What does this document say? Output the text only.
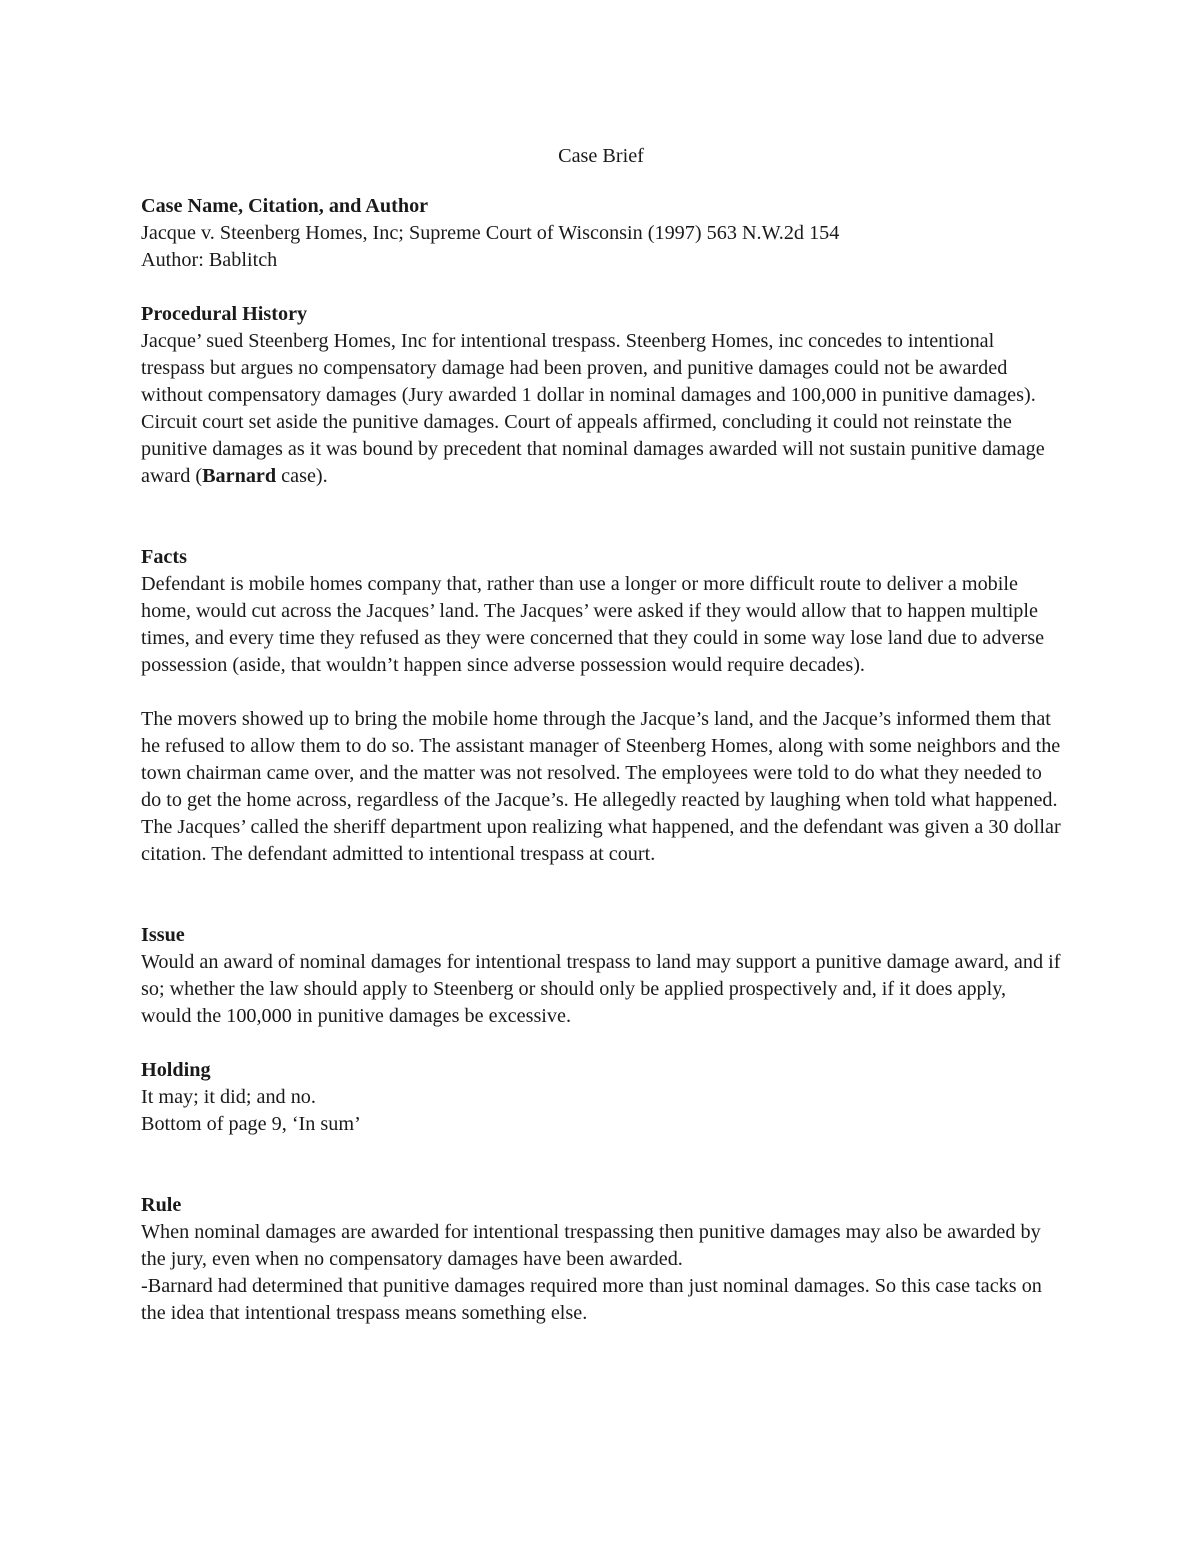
Case Brief

Case Name, Citation, and Author

Jacque v. Steenberg Homes, Inc; Supreme Court of Wisconsin (1997) 563 N.W.2d 154

Author: Bablitch

Procedural History

Jacque’ sued Steenberg Homes, Inc for intentional trespass. Steenberg Homes, inc concedes to intentional trespass but argues no compensatory damage had been proven, and punitive damages could not be awarded without compensatory damages (Jury awarded 1 dollar in nominal damages and 100,000 in punitive damages). Circuit court set aside the punitive damages. Court of appeals affirmed, concluding it could not reinstate the punitive damages as it was bound by precedent that nominal damages awarded will not sustain punitive damage award (Barnard case).

Facts

Defendant is mobile homes company that, rather than use a longer or more difficult route to deliver a mobile home, would cut across the Jacques’ land. The Jacques’ were asked if they would allow that to happen multiple times, and every time they refused as they were concerned that they could in some way lose land due to adverse possession (aside, that wouldn’t happen since adverse possession would require decades).

The movers showed up to bring the mobile home through the Jacque’s land, and the Jacque’s informed them that he refused to allow them to do so. The assistant manager of Steenberg Homes, along with some neighbors and the town chairman came over, and the matter was not resolved. The employees were told to do what they needed to do to get the home across, regardless of the Jacque’s. He allegedly reacted by laughing when told what happened. The Jacques’ called the sheriff department upon realizing what happened, and the defendant was given a 30 dollar citation. The defendant admitted to intentional trespass at court.

Issue

Would an award of nominal damages for intentional trespass to land may support a punitive damage award, and if so; whether the law should apply to Steenberg or should only be applied prospectively and, if it does apply, would the 100,000 in punitive damages be excessive.

Holding

It may; it did; and no.

Bottom of page 9, ‘In sum’

Rule

When nominal damages are awarded for intentional trespassing then punitive damages may also be awarded by the jury, even when no compensatory damages have been awarded.

-Barnard had determined that punitive damages required more than just nominal damages. So this case tacks on the idea that intentional trespass means something else.
